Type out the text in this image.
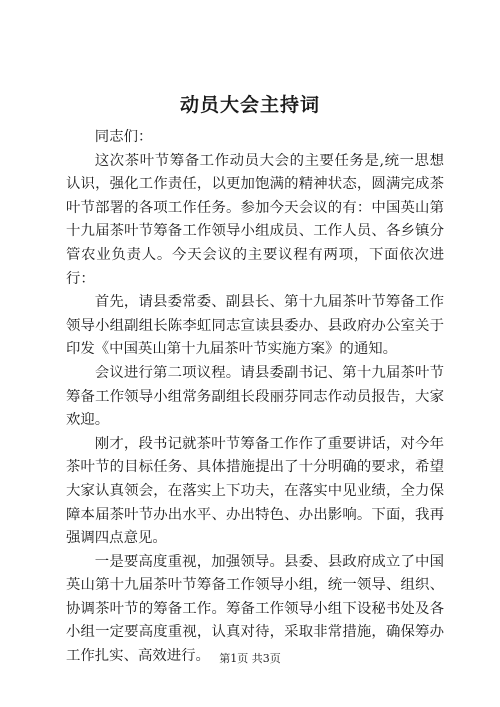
动员大会主持词

同志们：

这次茶叶节筹备工作动员大会的主要任务是,统一思想认识，强化工作责任，以更加饱满的精神状态，圆满完成茶叶节部署的各项工作任务。参加今天会议的有：中国英山第十九届茶叶节筹备工作领导小组成员、工作人员、各乡镇分管农业负责人。今天会议的主要议程有两项，下面依次进行：

首先，请县委常委、副县长、第十九届茶叶节筹备工作领导小组副组长陈李虹同志宣读县委办、县政府办公室关于印发《中国英山第十九届茶叶节实施方案》的通知。

会议进行第二项议程。请县委副书记、第十九届茶叶节筹备工作领导小组常务副组长段丽芬同志作动员报告，大家欢迎。

刚才，段书记就茶叶节筹备工作作了重要讲话，对今年茶叶节的目标任务、具体措施提出了十分明确的要求，希望大家认真领会，在落实上下功夫，在落实中见业绩，全力保障本届茶叶节办出水平、办出特色、办出影响。下面，我再强调四点意见。

一是要高度重视，加强领导。县委、县政府成立了中国英山第十九届茶叶节筹备工作领导小组，统一领导、组织、协调茶叶节的筹备工作。筹备工作领导小组下设秘书处及各小组一定要高度重视，认真对待，采取非常措施，确保筹办工作扎实、高效进行。 第1页 共3页
